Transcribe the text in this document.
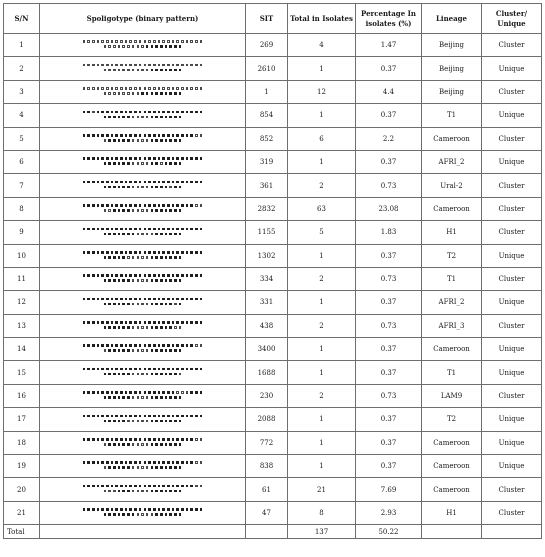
S/N	Spoligotype (binary pattern)	SIT	Total in Isolates	Percentage In isolates (%)	Lineage	Cluster/ Unique
1		269	4	1.47	Beijing	Cluster
2		2610	1	0.37	Beijing	Unique
3		1	12	4.4	Beijing	Cluster
4		854	1	0.37	T1	Unique
5		852	6	2.2	Cameroon	Cluster
6		319	1	0.37	AFRI_2	Unique
7		361	2	0.73	Ural-2	Cluster
8		2832	63	23.08	Cameroon	Cluster
9		1155	5	1.83	H1	Cluster
10		1302	1	0.37	T2	Unique
11		334	2	0.73	T1	Cluster
12		331	1	0.37	AFRI_2	Unique
13		438	2	0.73	AFRI_3	Cluster
14		3400	1	0.37	Cameroon	Unique
15		1688	1	0.37	T1	Unique
16		230	2	0.73	LAM9	Cluster
17		2088	1	0.37	T2	Unique
18		772	1	0.37	Cameroon	Unique
19		838	1	0.37	Cameroon	Unique
20		61	21	7.69	Cameroon	Cluster
21		47	8	2.93	H1	Cluster
Total			137	50.22		
